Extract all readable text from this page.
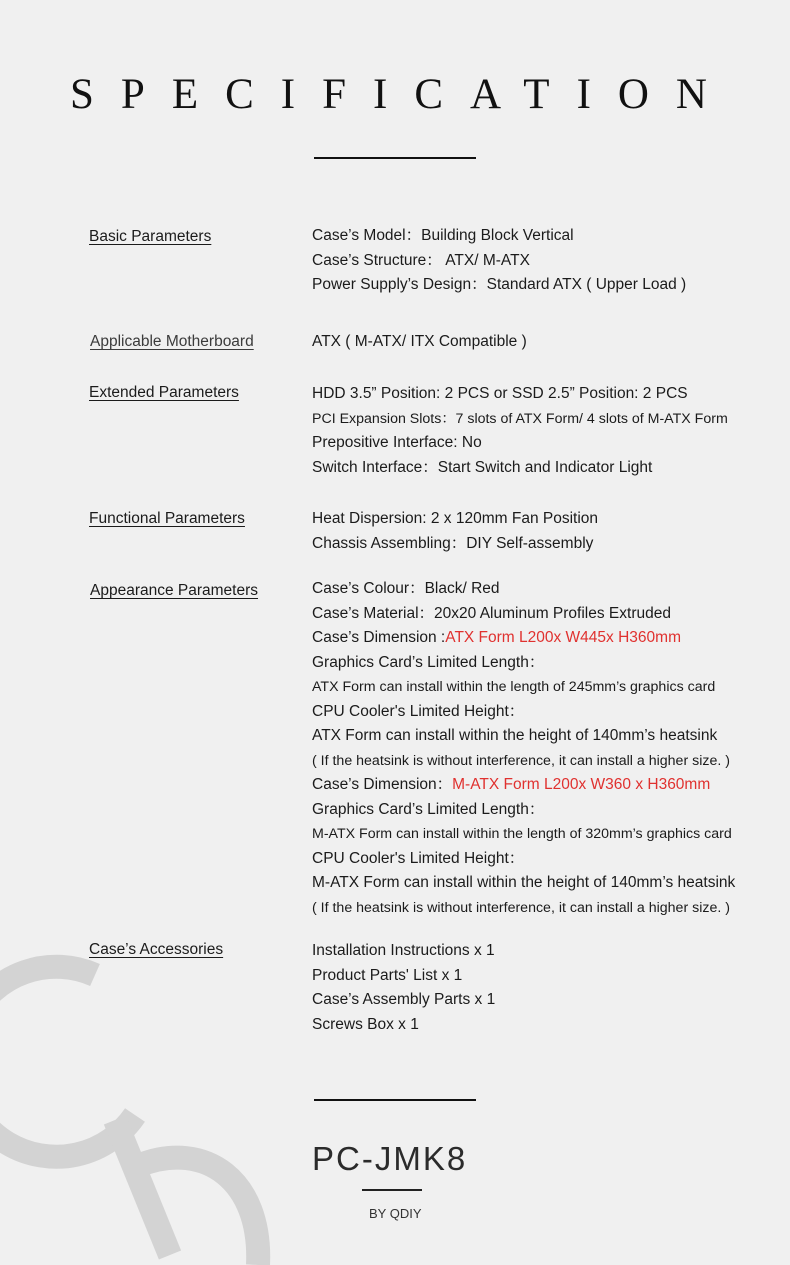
SPECIFICATION
Basic Parameters	Case’s Model：Building Block Vertical
Case’s Structure： ATX/ M-ATX
Power Supply’s Design：Standard ATX ( Upper Load )
Applicable Motherboard	ATX ( M-ATX/ ITX Compatible )
Extended Parameters	HDD 3.5” Position: 2 PCS or SSD 2.5” Position: 2 PCS
PCI Expansion Slots：7 slots of ATX Form/ 4 slots of M-ATX Form
Prepositive Interface: No
Switch Interface：Start Switch and Indicator Light
Functional Parameters	Heat Dispersion: 2 x 120mm Fan Position
Chassis Assembling：DIY Self-assembly
Appearance Parameters	Case’s Colour：Black/ Red
Case’s Material：20x20 Aluminum Profiles Extruded
Case’s Dimension :ATX Form L200x W445x H360mm
Graphics Card’s Limited Length：
ATX Form can install within the length of 245mm’s graphics card
CPU Cooler's Limited Height：
ATX Form can install within the height of 140mm’s heatsink
( If the heatsink is without interference, it can install a higher size. )
Case’s Dimension：M-ATX Form L200x W360 x H360mm
Graphics Card’s Limited Length：
M-ATX Form can install within the length of 320mm’s graphics card
CPU Cooler's Limited Height：
M-ATX Form can install within the height of 140mm’s heatsink
( If the heatsink is without interference, it can install a higher size. )
Case’s Accessories	Installation Instructions x 1
Product Parts' List x 1
Case’s Assembly Parts x 1
Screws Box x 1
PC-JMK8
BY QDIY
